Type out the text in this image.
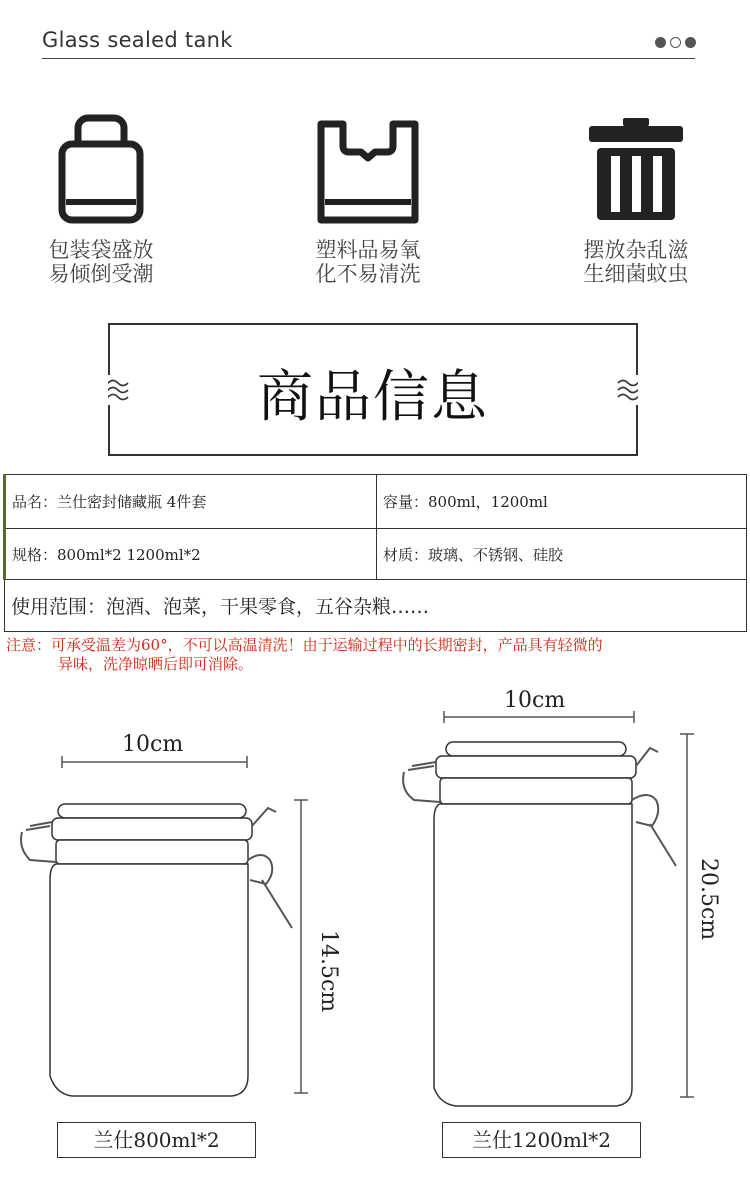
Glass sealed tank
包装袋盛放
易倾倒受潮
塑料品易氧
化不易清洗
摆放杂乱滋
生细菌蚊虫
商品信息
品名：兰仕密封储藏瓶 4件套	容量：800ml，1200ml
规格：800ml*2 1200ml*2	材质：玻璃、不锈钢、硅胶
使用范围：泡酒、泡菜，干果零食，五谷杂粮……	
注意：可承受温差为60°，不可以高温清洗！由于运输过程中的长期密封，产品具有轻微的
异味，洗净晾晒后即可消除。
10cm
14.5cm
10cm
20.5cm
兰仕800ml*2	兰仕1200ml*2
